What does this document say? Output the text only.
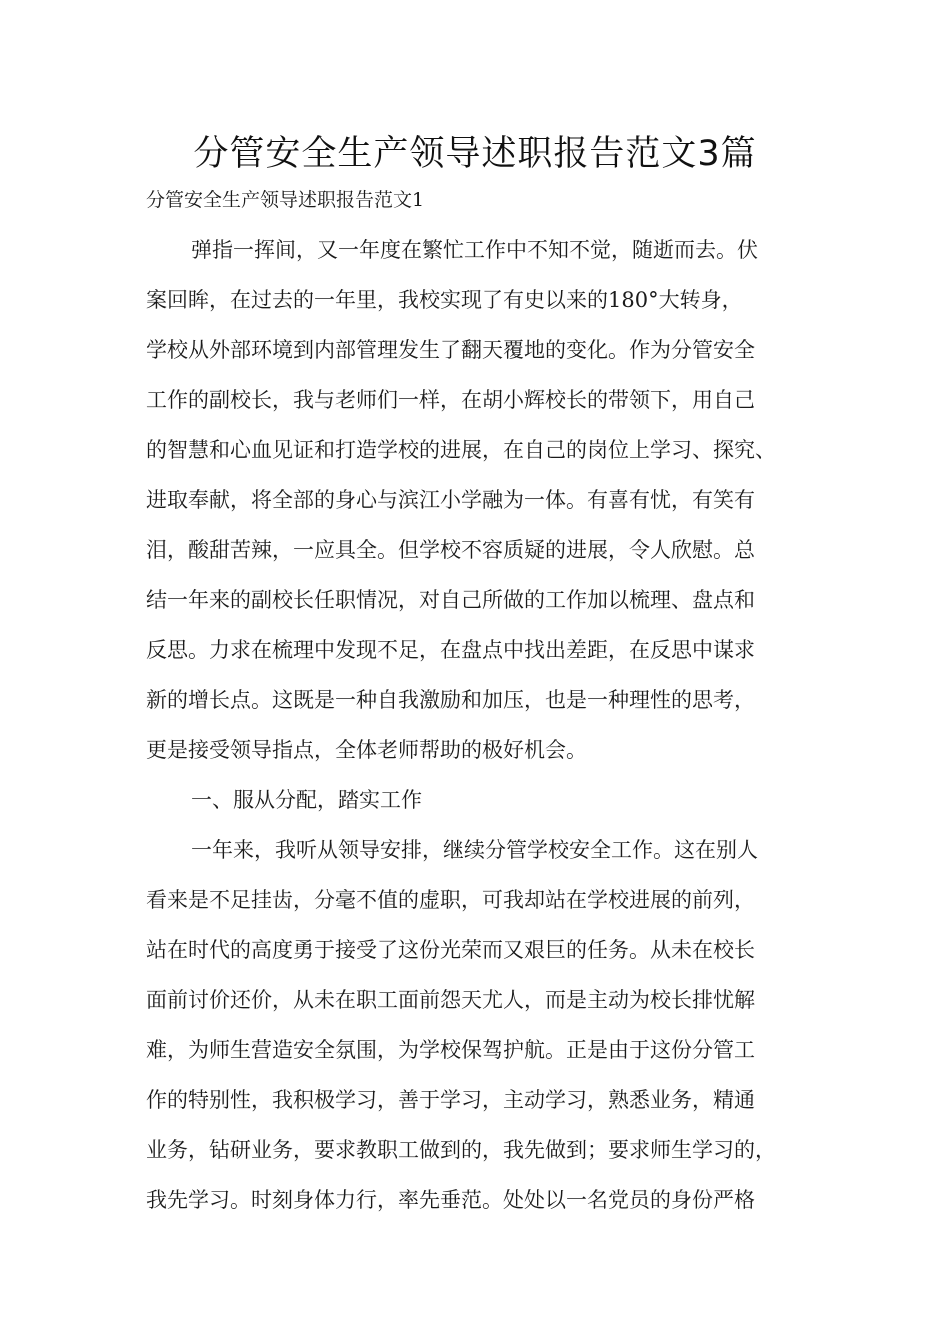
分管安全生产领导述职报告范文3篇

分管安全生产领导述职报告范文1

弹指一挥间，又一年度在繁忙工作中不知不觉，随逝而去。伏
案回眸，在过去的一年里，我校实现了有史以来的180°大转身，
学校从外部环境到内部管理发生了翻天覆地的变化。作为分管安全
工作的副校长，我与老师们一样，在胡小辉校长的带领下，用自己
的智慧和心血见证和打造学校的进展，在自己的岗位上学习、探究、
进取奉献，将全部的身心与滨江小学融为一体。有喜有忧，有笑有
泪，酸甜苦辣，一应具全。但学校不容质疑的进展，令人欣慰。总
结一年来的副校长任职情况，对自己所做的工作加以梳理、盘点和
反思。力求在梳理中发现不足，在盘点中找出差距，在反思中谋求
新的增长点。这既是一种自我激励和加压，也是一种理性的思考，
更是接受领导指点，全体老师帮助的极好机会。
一、服从分配，踏实工作
一年来，我听从领导安排，继续分管学校安全工作。这在别人
看来是不足挂齿，分毫不值的虚职，可我却站在学校进展的前列，
站在时代的高度勇于接受了这份光荣而又艰巨的任务。从未在校长
面前讨价还价，从未在职工面前怨天尤人，而是主动为校长排忧解
难，为师生营造安全氛围，为学校保驾护航。正是由于这份分管工
作的特别性，我积极学习，善于学习，主动学习，熟悉业务，精通
业务，钻研业务，要求教职工做到的，我先做到；要求师生学习的，
我先学习。时刻身体力行，率先垂范。处处以一名党员的身份严格
